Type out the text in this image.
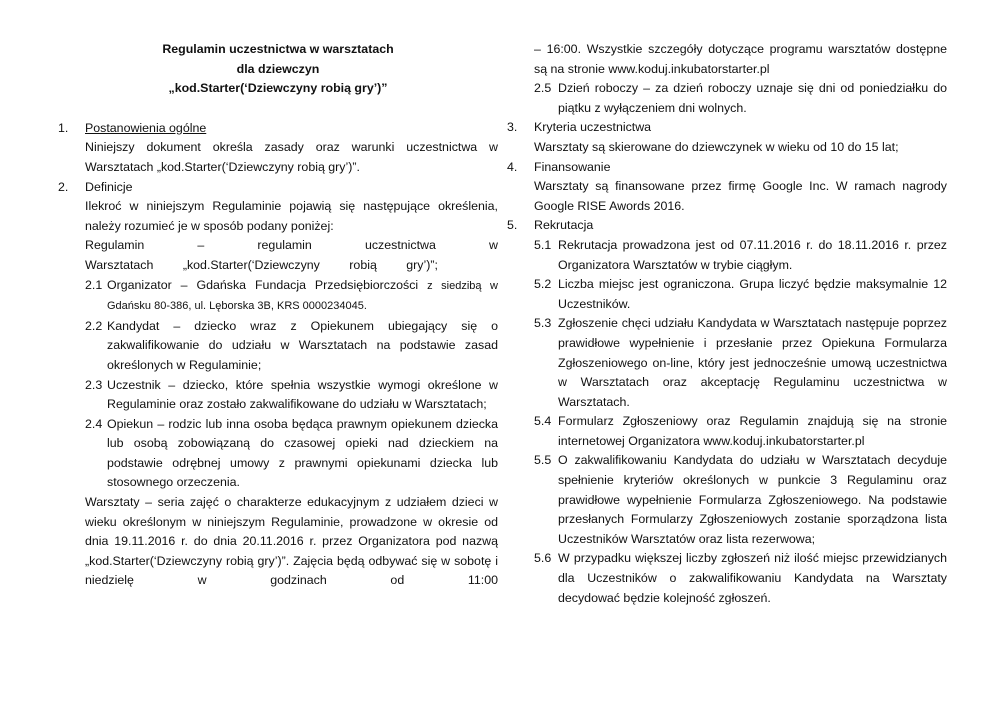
Regulamin uczestnictwa w warsztatach
dla dziewczyn
„kod.Starter(‘Dziewczyny robią gry’)”
1. Postanowienia ogólne
Niniejszy dokument określa zasady oraz warunki uczestnictwa w Warsztatach „kod.Starter(‘Dziewczyny robią gry’)”.
2. Definicje
Ilekroć w niniejszym Regulaminie pojawią się następujące określenia, należy rozumieć je w sposób podany poniżej:
Regulamin – regulamin uczestnictwa w Warsztatach „kod.Starter(‘Dziewczyny robią gry’)”;
2.1 Organizator – Gdańska Fundacja Przedsiębiorczości z siedzibą w Gdańsku 80-386, ul. Lęborska 3B, KRS 0000234045.
2.2 Kandydat – dziecko wraz z Opiekunem ubiegający się o zakwalifikowanie do udziału w Warsztatach na podstawie zasad określonych w Regulaminie;
2.3 Uczestnik – dziecko, które spełnia wszystkie wymogi określone w Regulaminie oraz zostało zakwalifikowane do udziału w Warsztatach;
2.4 Opiekun – rodzic lub inna osoba będąca prawnym opiekunem dziecka lub osobą zobowiązaną do czasowej opieki nad dzieckiem na podstawie odrębnej umowy z prawnymi opiekunami dziecka lub stosownego orzeczenia.
Warsztaty – seria zajęć o charakterze edukacyjnym z udziałem dzieci w wieku określonym w niniejszym Regulaminie, prowadzone w okresie od dnia 19.11.2016 r. do dnia 20.11.2016 r. przez Organizatora pod nazwą „kod.Starter(‘Dziewczyny robią gry’)”. Zajęcia będą odbywać się w sobotę i niedzielę w godzinach od 11:00
– 16:00. Wszystkie szczegóły dotyczące programu warsztatów dostępne są na stronie www.koduj.inkubatorstarter.pl
2.5 Dzień roboczy – za dzień roboczy uznaje się dni od poniedziałku do piątku z wyłączeniem dni wolnych.
3. Kryteria uczestnictwa
Warsztaty są skierowane do dziewczynek w wieku od 10 do 15 lat;
4. Finansowanie
Warsztaty są finansowane przez firmę Google Inc. W ramach nagrody Google RISE Awords 2016.
5. Rekrutacja
5.1 Rekrutacja prowadzona jest od 07.11.2016 r. do 18.11.2016 r. przez Organizatora Warsztatów w trybie ciągłym.
5.2 Liczba miejsc jest ograniczona. Grupa liczyć będzie maksymalnie 12 Uczestników.
5.3 Zgłoszenie chęci udziału Kandydata w Warsztatach następuje poprzez prawidłowe wypełnienie i przesłanie przez Opiekuna Formularza Zgłoszeniowego on-line, który jest jednocześnie umową uczestnictwa w Warsztatach oraz akceptację Regulaminu uczestnictwa w Warsztatach.
5.4 Formularz Zgłoszeniowy oraz Regulamin znajdują się na stronie internetowej Organizatora www.koduj.inkubatorstarter.pl
5.5 O zakwalifikowaniu Kandydata do udziału w Warsztatach decyduje spełnienie kryteriów określonych w punkcie 3 Regulaminu oraz prawidłowe wypełnienie Formularza Zgłoszeniowego. Na podstawie przesłanych Formularzy Zgłoszeniowych zostanie sporządzona lista Uczestników Warsztatów oraz lista rezerwowa;
5.6 W przypadku większej liczby zgłoszeń niż ilość miejsc przewidzianych dla Uczestników o zakwalifikowaniu Kandydata na Warsztaty decydować będzie kolejność zgłoszeń.
